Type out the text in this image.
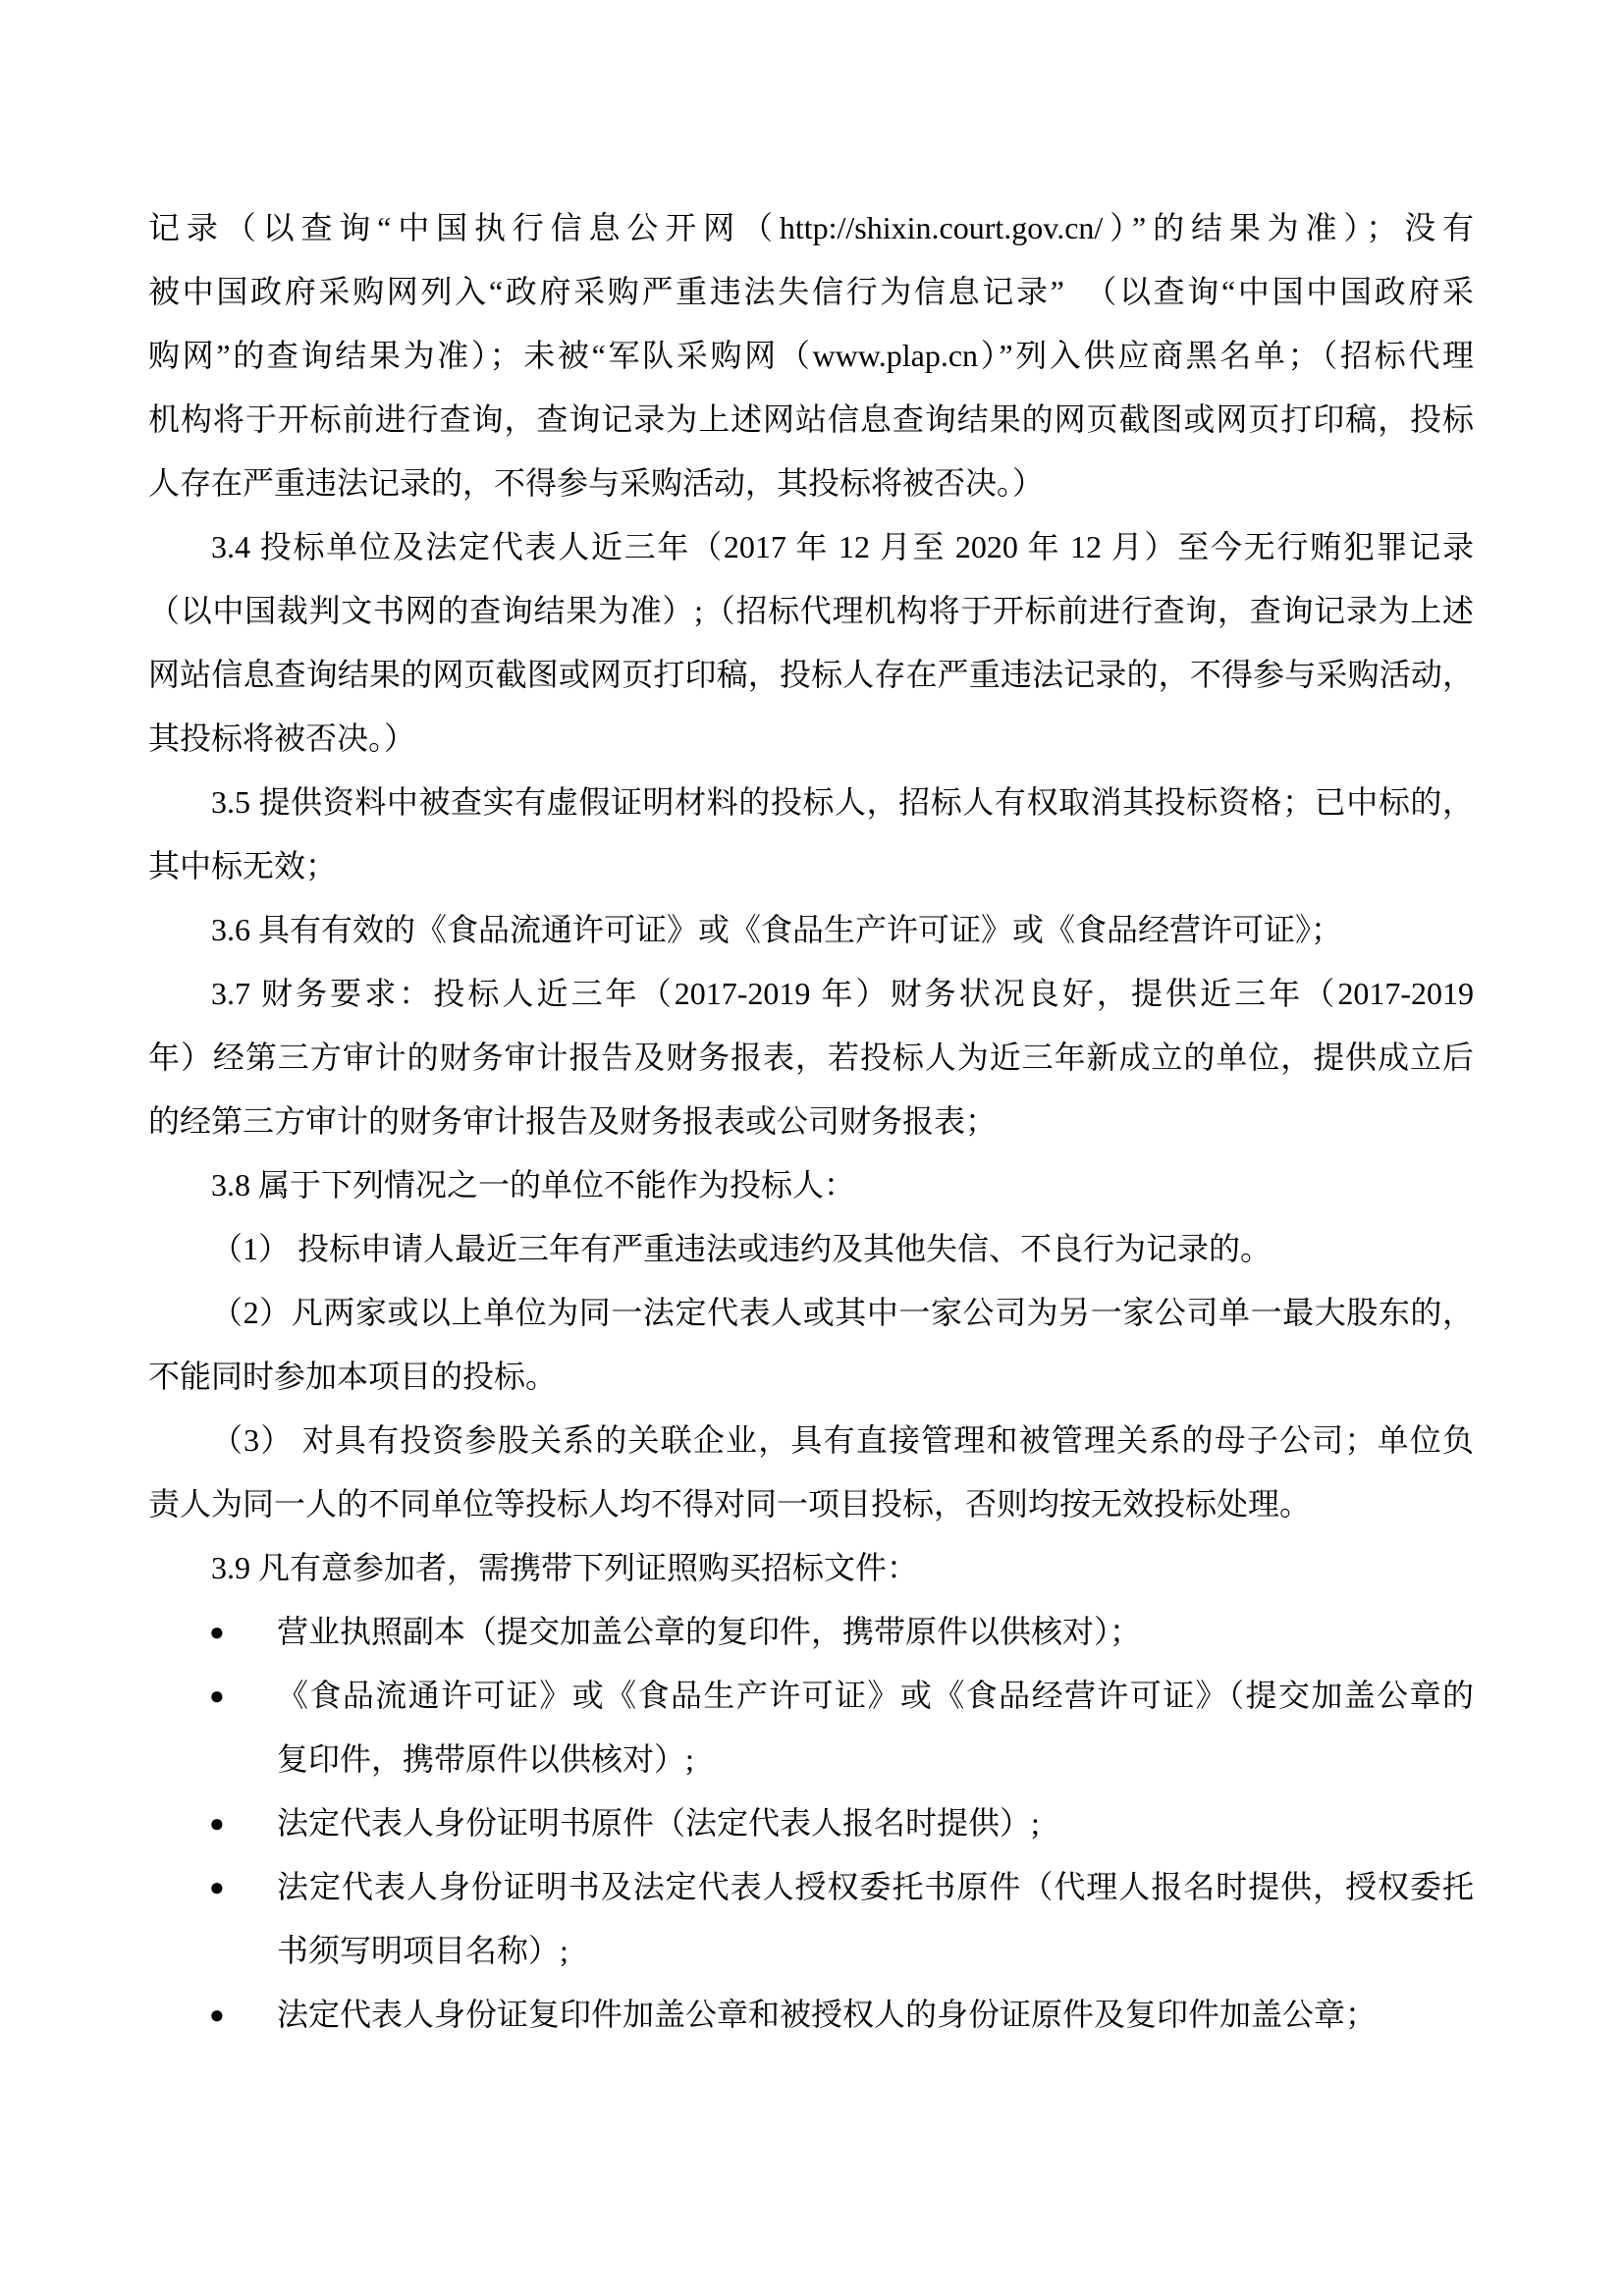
记录（以查询“中国执行信息公开网（http://shixin.court.gov.cn/）”的结果为准）；没有
被中国政府采购网列入“政府采购严重违法失信行为信息记录”　（以查询“中国中国政府采
购网”的查询结果为准）；未被“军队采购网（www.plap.cn）”列入供应商黑名单；（招标代理
机构将于开标前进行查询，查询记录为上述网站信息查询结果的网页截图或网页打印稿，投标
人存在严重违法记录的，不得参与采购活动，其投标将被否决。）
3.4 投标单位及法定代表人近三年（2017 年 12 月至 2020 年 12 月）至今无行贿犯罪记录
（以中国裁判文书网的查询结果为准）;（招标代理机构将于开标前进行查询，查询记录为上述
网站信息查询结果的网页截图或网页打印稿，投标人存在严重违法记录的，不得参与采购活动，
其投标将被否决。）
3.5 提供资料中被查实有虚假证明材料的投标人，招标人有权取消其投标资格；已中标的，
其中标无效；
3.6 具有有效的《食品流通许可证》或《食品生产许可证》或《食品经营许可证》；
3.7 财务要求：投标人近三年（2017-2019 年）财务状况良好，提供近三年（2017-2019
年）经第三方审计的财务审计报告及财务报表，若投标人为近三年新成立的单位，提供成立后
的经第三方审计的财务审计报告及财务报表或公司财务报表；
3.8 属于下列情况之一的单位不能作为投标人：
（1） 投标申请人最近三年有严重违法或违约及其他失信、不良行为记录的。
（2）凡两家或以上单位为同一法定代表人或其中一家公司为另一家公司单一最大股东的，
不能同时参加本项目的投标。
（3） 对具有投资参股关系的关联企业，具有直接管理和被管理关系的母子公司；单位负
责人为同一人的不同单位等投标人均不得对同一项目投标，否则均按无效投标处理。
3.9 凡有意参加者，需携带下列证照购买招标文件：
● 营业执照副本（提交加盖公章的复印件，携带原件以供核对）；
● 《食品流通许可证》或《食品生产许可证》或《食品经营许可证》（提交加盖公章的
复印件，携带原件以供核对）;
● 法定代表人身份证明书原件（法定代表人报名时提供）;
● 法定代表人身份证明书及法定代表人授权委托书原件（代理人报名时提供，授权委托
书须写明项目名称）;
● 法定代表人身份证复印件加盖公章和被授权人的身份证原件及复印件加盖公章；
